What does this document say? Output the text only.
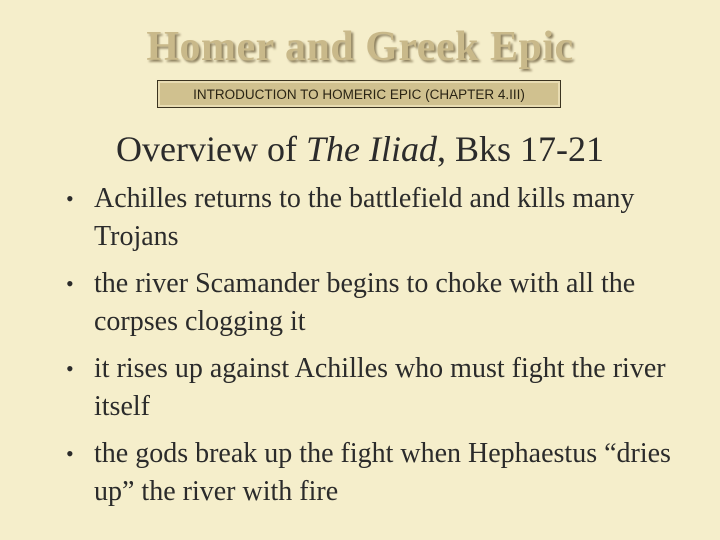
Homer and Greek Epic
INTRODUCTION TO HOMERIC EPIC (CHAPTER 4.III)
Overview of The Iliad, Bks 17-21
• Achilles returns to the battlefield and kills many Trojans
• the river Scamander begins to choke with all the corpses clogging it
• it rises up against Achilles who must fight the river itself
• the gods break up the fight when Hephaestus “dries up” the river with fire
